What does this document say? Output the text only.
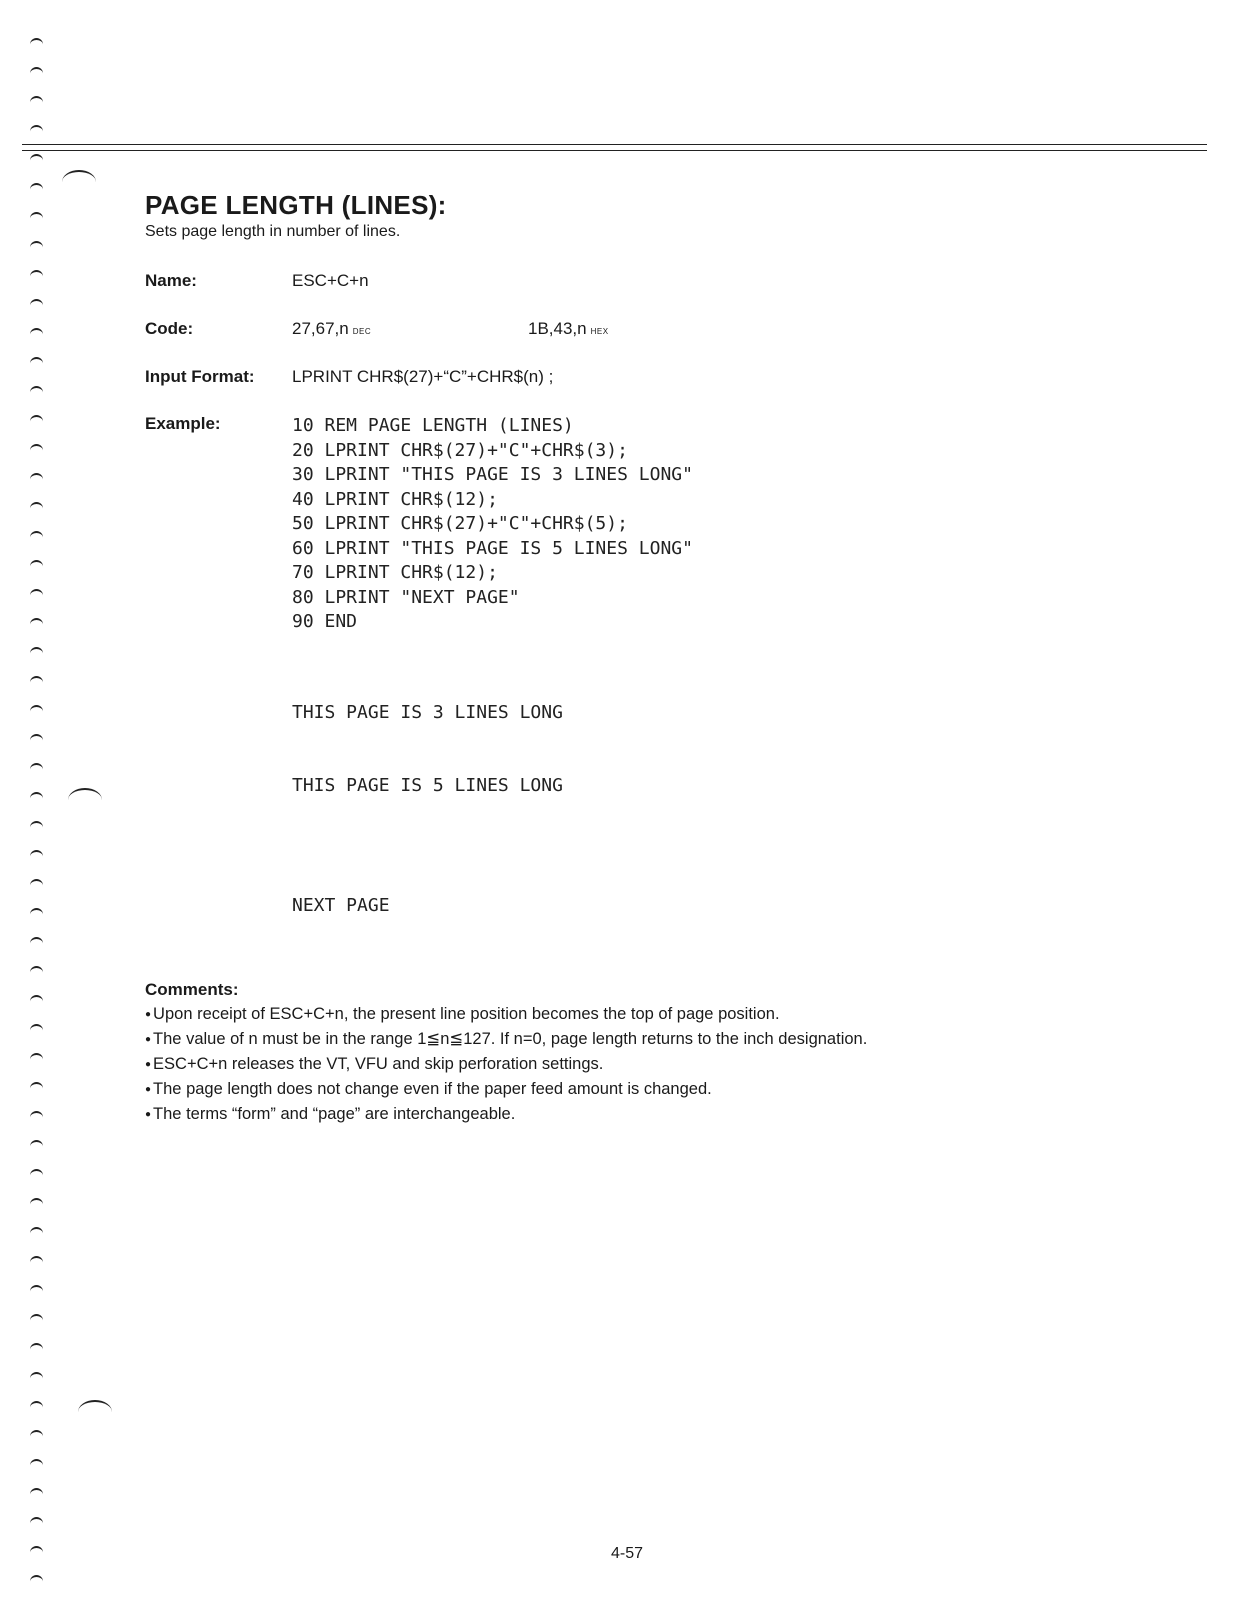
PAGE LENGTH (LINES):
Sets page length in number of lines.
Name:	ESC+C+n
Code:	27,67,n DEC	1B,43,n HEX
Input Format: LPRINT CHR$(27)+“C”+CHR$(n) ;
Example:	10 REM PAGE LENGTH (LINES)
20 LPRINT CHR$(27)+"C"+CHR$(3);
30 LPRINT "THIS PAGE IS 3 LINES LONG"
40 LPRINT CHR$(12);
50 LPRINT CHR$(27)+"C"+CHR$(5);
60 LPRINT "THIS PAGE IS 5 LINES LONG"
70 LPRINT CHR$(12);
80 LPRINT "NEXT PAGE"
90 END
THIS PAGE IS 3 LINES LONG
THIS PAGE IS 5 LINES LONG
NEXT PAGE
Comments:
● Upon receipt of ESC+C+n, the present line position becomes the top of page position.
● The value of n must be in the range 1≦n≦127. If n=0, page length returns to the inch designation.
● ESC+C+n releases the VT, VFU and skip perforation settings.
● The page length does not change even if the paper feed amount is changed.
● The terms “form” and “page” are interchangeable.
4-57
